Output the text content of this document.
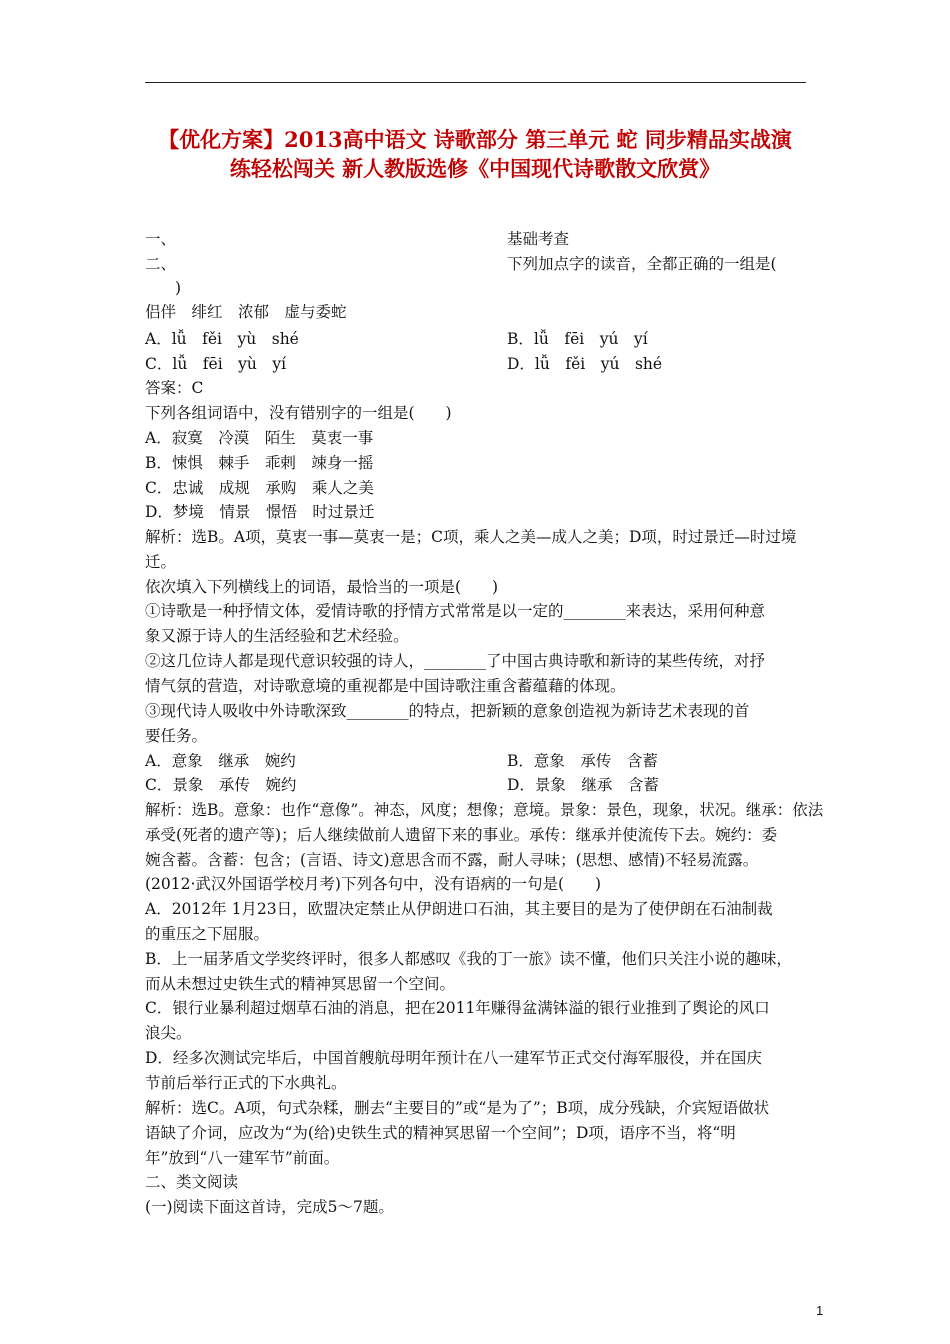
【优化方案】2013高中语文 诗歌部分 第三单元 蛇 同步精品实战演
练轻松闯关 新人教版选修《中国现代诗歌散文欣赏》
一、	基础考查
二、	下列加点字的读音，全都正确的一组是(
)
侣伴　绯红　浓郁　虚与委蛇
A．lǚ　fěi　yù　shé	B．lǚ　fēi　yú　yí
C．lǚ　fēi　yù　yí	D．lǚ　fěi　yú　shé
答案：C
下列各组词语中，没有错别字的一组是(　　)
A．寂寞　冷漠　陌生　莫衷一事
B．悚惧　棘手　乖剌　竦身一摇
C．忠诚　成规　承购　乘人之美
D．梦境　情景　憬悟　时过景迁
解析：选B。A项，莫衷一事—莫衷一是；C项，乘人之美—成人之美；D项，时过景迁—时过境
迁。
依次填入下列横线上的词语，最恰当的一项是(　　)
①诗歌是一种抒情文体，爱情诗歌的抒情方式常常是以一定的________来表达，采用何种意
象又源于诗人的生活经验和艺术经验。
②这几位诗人都是现代意识较强的诗人，________了中国古典诗歌和新诗的某些传统，对抒
情气氛的营造，对诗歌意境的重视都是中国诗歌注重含蓄蕴藉的体现。
③现代诗人吸收中外诗歌深致________的特点，把新颖的意象创造视为新诗艺术表现的首
要任务。
A．意象　继承　婉约	B．意象　承传　含蓄
C．景象　承传　婉约	D．景象　继承　含蓄
解析：选B。意象：也作“意像”。神态，风度；想像；意境。景象：景色，现象，状况。继承：依法
承受(死者的遗产等)；后人继续做前人遗留下来的事业。承传：继承并使流传下去。婉约：委
婉含蓄。含蓄：包含；(言语、诗文)意思含而不露，耐人寻味；(思想、感情)不轻易流露。
(2012·武汉外国语学校月考)下列各句中，没有语病的一句是(　　)
A．2012年 1月23日，欧盟决定禁止从伊朗进口石油，其主要目的是为了使伊朗在石油制裁
的重压之下屈服。
B．上一届茅盾文学奖终评时，很多人都感叹《我的丁一旅》读不懂，他们只关注小说的趣味，
而从未想过史铁生式的精神冥思留一个空间。
C．银行业暴利超过烟草石油的消息，把在2011年赚得盆满钵溢的银行业推到了舆论的风口
浪尖。
D．经多次测试完毕后，中国首艘航母明年预计在八一建军节正式交付海军服役，并在国庆
节前后举行正式的下水典礼。
解析：选C。A项，句式杂糅，删去“主要目的”或“是为了”；B项，成分残缺，介宾短语做状
语缺了介词，应改为“为(给)史铁生式的精神冥思留一个空间”；D项，语序不当，将“明
年”放到“八一建军节”前面。
二、类文阅读
(一)阅读下面这首诗，完成5～7题。
1
